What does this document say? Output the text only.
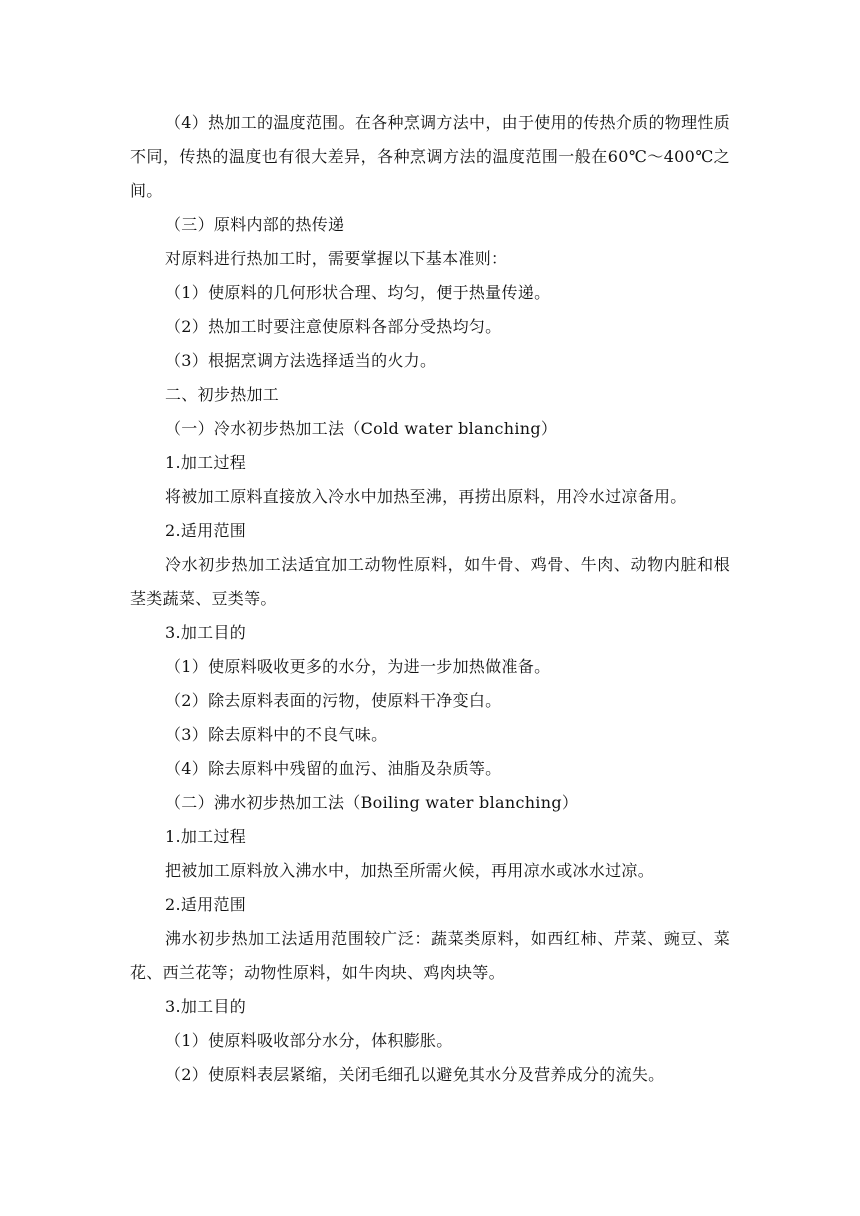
（4）热加工的温度范围。在各种烹调方法中，由于使用的传热介质的物理性质不同，传热的温度也有很大差异，各种烹调方法的温度范围一般在60℃～400℃之间。

（三）原料内部的热传递

对原料进行热加工时，需要掌握以下基本准则：

（1）使原料的几何形状合理、均匀，便于热量传递。

（2）热加工时要注意使原料各部分受热均匀。

（3）根据烹调方法选择适当的火力。

二、初步热加工

（一）冷水初步热加工法（Cold water blanching）

1.加工过程

将被加工原料直接放入冷水中加热至沸，再捞出原料，用冷水过凉备用。

2.适用范围

冷水初步热加工法适宜加工动物性原料，如牛骨、鸡骨、牛肉、动物内脏和根茎类蔬菜、豆类等。

3.加工目的

（1）使原料吸收更多的水分，为进一步加热做准备。

（2）除去原料表面的污物，使原料干净变白。

（3）除去原料中的不良气味。

（4）除去原料中残留的血污、油脂及杂质等。

（二）沸水初步热加工法（Boiling water blanching）

1.加工过程

把被加工原料放入沸水中，加热至所需火候，再用凉水或冰水过凉。

2.适用范围

沸水初步热加工法适用范围较广泛：蔬菜类原料，如西红柿、芹菜、豌豆、菜花、西兰花等；动物性原料，如牛肉块、鸡肉块等。

3.加工目的

（1）使原料吸收部分水分，体积膨胀。

（2）使原料表层紧缩，关闭毛细孔以避免其水分及营养成分的流失。
